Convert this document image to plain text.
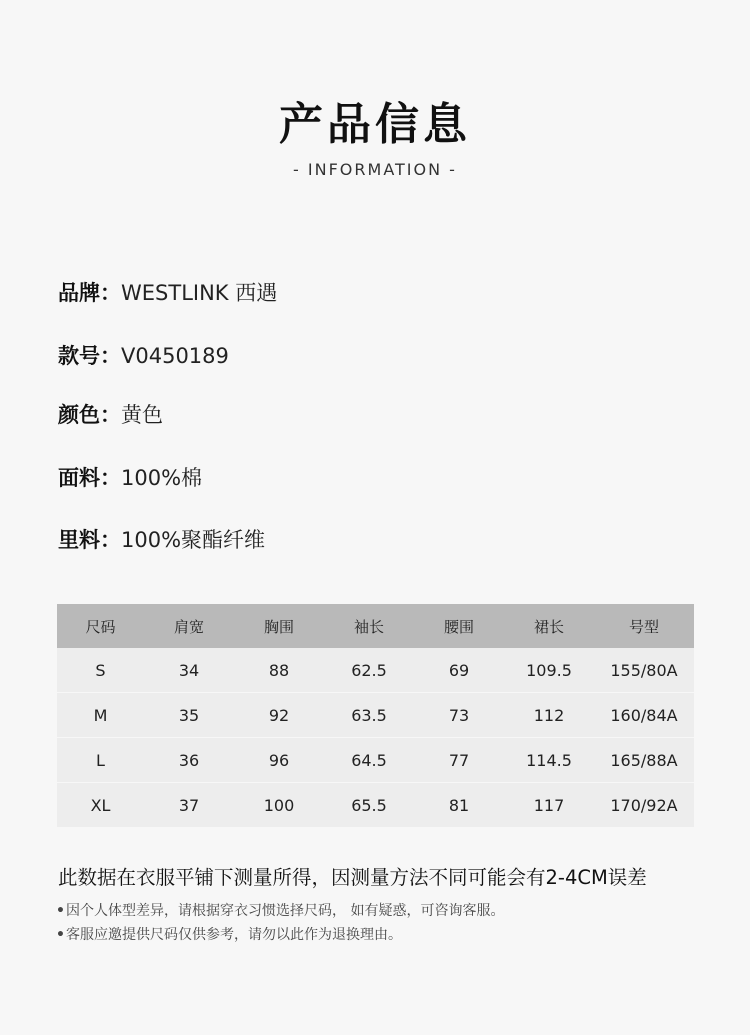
产品信息
- INFORMATION -
品牌：WESTLINK 西遇
款号：V0450189
颜色：黄色
面料：100%棉
里料：100%聚酯纤维
尺码	肩宽	胸围	袖长	腰围	裙长	号型
S	34	88	62.5	69	109.5	155/80A
M	35	92	63.5	73	112	160/84A
L	36	96	64.5	77	114.5	165/88A
XL	37	100	65.5	81	117	170/92A
此数据在衣服平铺下测量所得，因测量方法不同可能会有2-4CM误差
•因个人体型差异，请根据穿衣习惯选择尺码， 如有疑惑，可咨询客服。
•客服应邀提供尺码仅供参考，请勿以此作为退换理由。
